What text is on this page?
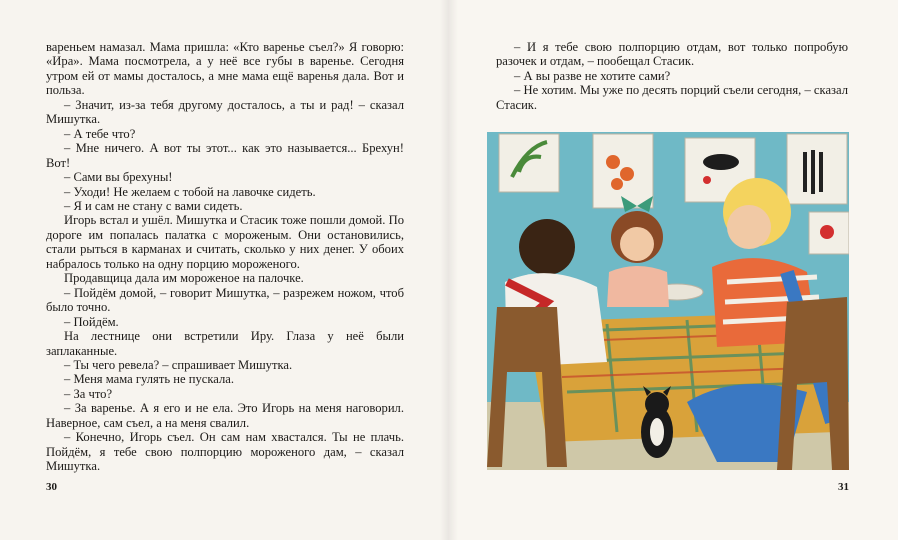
вареньем намазал. Мама пришла: «Кто варенье съел?» Я говорю: «Ира». Мама посмотрела, а у неё все губы в варенье. Сегодня утром ей от мамы досталось, а мне мама ещё варенья дала. Вот и польза.

– Значит, из-за тебя другому досталось, а ты и рад! – сказал Мишутка.

– А тебе что?

– Мне ничего. А вот ты этот... как это называется... Брехун! Вот!

– Сами вы брехуны!

– Уходи! Не желаем с тобой на лавочке сидеть.

– Я и сам не стану с вами сидеть.

Игорь встал и ушёл. Мишутка и Стасик тоже пошли домой. По дороге им попалась палатка с мороженым. Они остановились, стали рыться в карманах и считать, сколько у них денег. У обоих набралось только на одну порцию мороженого.

Продавщица дала им мороженое на палочке.

– Пойдём домой, – говорит Мишутка, – разрежем ножом, чтоб было точно.

– Пойдём.

На лестнице они встретили Иру. Глаза у неё были заплаканные.

– Ты чего ревела? – спрашивает Мишутка.

– Меня мама гулять не пускала.

– За что?

– За варенье. А я его и не ела. Это Игорь на меня наговорил. Наверное, сам съел, а на меня свалил.

– Конечно, Игорь съел. Он сам нам хвастался. Ты не плачь. Пойдём, я тебе свою полпорцию мороженого дам, – сказал Мишутка.

30

– И я тебе свою полпорцию отдам, вот только попробую разочек и отдам, – пообещал Стасик.

– А вы разве не хотите сами?

– Не хотим. Мы уже по десять порций съели сегодня, – сказал Стасик.

31
